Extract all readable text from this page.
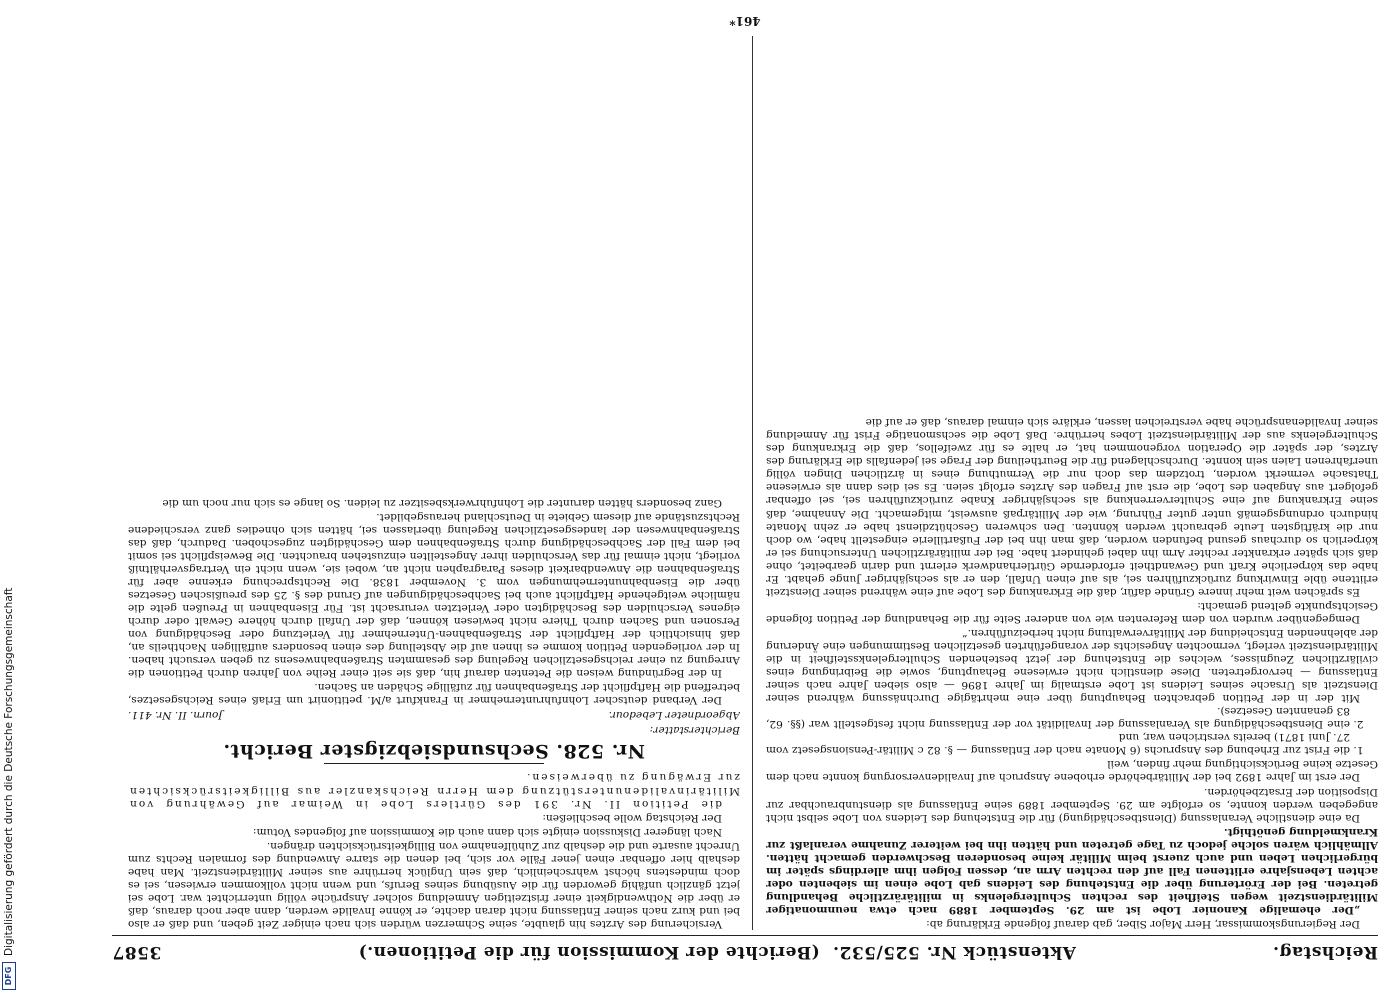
DFG
Digitalisierung gefördert durch die Deutsche Forschungsgemeinschaft	Reichstag.
Aktenstück Nr. 525/532.  (Berichte der Kommission für die Petitionen.)
3587

Der Regierungskommissar, Herr Major Siber, gab darauf folgende Erklärung ab:

„Der ehemalige Kanonier Lobe ist am 29. September 1889 nach etwa neunmonatiger Militärdienstzeit wegen Steifheit des rechten Schultergelenks in militärärztliche Behandlung getreten. Bei der Erörterung über die Entstehung des Leidens gab Lobe einen im siebenten oder achten Lebensjahre erlittenen Fall auf den rechten Arm an, dessen Folgen ihm allerdings später im bürgerlichen Leben und auch zuerst beim Militär keine besonderen Beschwerden gemacht hätten. Allmählich wären solche jedoch zu Tage getreten und hätten ihn bei weiterer Zunahme veranlaßt zur Krankmeldung genöthigt.

Da eine dienstliche Veranlassung (Dienstbeschädigung) für die Entstehung des Leidens von Lobe selbst nicht angegeben werden konnte, so erfolgte am 29. September 1889 seine Entlassung als dienstunbrauchbar zur Disposition der Ersatzbehörden.

Der erst im Jahre 1892 bei der Militärbehörde erhobene Anspruch auf Invalidenversorgung konnte nach dem Gesetze keine Berücksichtigung mehr finden, weil

1. die Frist zur Erhebung des Anspruchs (6 Monate nach der Entlassung — §. 82 c Militär-Pensionsgesetz vom 27. Juni 1871) bereits verstrichen war, und
2. eine Dienstbeschädigung als Veranlassung der Invalidität vor der Entlassung nicht festgestellt war (§§. 62, 83 genannten Gesetzes).

Mit der in der Petition gebrachten Behauptung über eine mehrtägige Durchnässung während seiner Dienstzeit als Ursache seines Leidens ist Lobe erstmalig im Jahre 1896 — also sieben Jahre nach seiner Entlassung — hervorgetreten. Diese dienstlich nicht erwiesene Behauptung, sowie die Beibringung eines civilärztlichen Zeugnisses, welches die Entstehung der jetzt bestehenden Schultergelenkssteifheit in die Militärdienstzeit verlegt, vermochten Angesichts der vorangeführten gesetzlichen Bestimmungen eine Änderung der ablehnenden Entscheidung der Militärverwaltung nicht herbeizuführen.“

Demgegenüber wurden von dem Referenten wie von anderer Seite für die Behandlung der Petition folgende Gesichtspunkte geltend gemacht:

Es sprächen weit mehr innere Gründe dafür, daß die Erkrankung des Lobe auf eine während seiner Dienstzeit erlittene üble Einwirkung zurückzuführen sei, als auf einen Unfall, den er als sechsjähriger Junge gehabt. Er habe das körperliche Kraft und Gewandtheit erfordernde Gürtlerhandwerk erlernt und darin gearbeitet, ohne daß sich später erkrankter rechter Arm ihn dabei gehindert habe. Bei der militärärztlichen Untersuchung sei er körperlich so durchaus gesund befunden worden, daß man ihn bei der Fußartillerie eingestellt habe, wo doch nur die kräftigsten Leute gebraucht werden könnten. Den schweren Geschützdienst habe er zehn Monate hindurch ordnungsgemäß unter guter Führung, wie der Militärpaß ausweist, mitgemacht. Die Annahme, daß seine Erkrankung auf eine Schulterverrenkung als sechsjähriger Knabe zurückzuführen sei, sei offenbar gefolgert aus Angaben des Lobe, die erst auf Fragen des Arztes erfolgt seien. Es sei dies dann als erwiesene Thatsache vermerkt worden, trotzdem das doch nur die Vermuthung eines in ärztlichen Dingen völlig unerfahrenen Laien sein konnte. Durchschlagend für die Beurtheilung der Frage sei jedenfalls die Erklärung des Arztes, der später die Operation vorgenommen hat, er halte es für zweifellos, daß die Erkrankung des Schultergelenks aus der Militärdienstzeit Lobes herrühre. Daß Lobe die sechsmonatige Frist für Anmeldung seiner Invalidenansprüche habe verstreichen lassen, erkläre sich einmal daraus, daß er auf die

Versicherung des Arztes hin glaubte, seine Schmerzen würden sich nach einiger Zeit geben, und daß er also bei und kurz nach seiner Entlassung nicht daran dachte, er könne Invalide werden, dann aber noch daraus, daß er über die Nothwendigkeit einer fristzeitigen Anmeldung solcher Ansprüche völlig unterrichtet war. Lobe sei jetzt gänzlich unfähig geworden für die Ausübung seines Berufs, und wenn nicht vollkommen erwiesen, sei es doch mindestens höchst wahrscheinlich, daß sein Unglück herrühre aus seiner Militärdienstzeit. Man habe deshalb hier offenbar einen jener Fälle vor sich, bei denen die starre Anwendung des formalen Rechts zum Unrecht ausarte und die deshalb zur Zuhülfenahme von Billigkeitsrücksichten drängen.

Nach längerer Diskussion einigte sich dann auch die Kommission auf folgendes Votum:

Der Reichstag wolle beschließen:

die Petition II. Nr. 391 des Gürtlers Lobe in Weimar auf Gewährung von Militärinvalidenunterstützung dem Herrn Reichskanzler aus Billigkeitsrücksichten zur Erwägung zu überweisen.

Nr. 528. Sechsundsiebzigster Bericht.
Berichterstatter:
Abgeordneter Lebedour.
Journ. II. Nr. 411.

Der Verband deutscher Lohnfuhrunternehmer in Frankfurt a/M. petitionirt um Erlaß eines Reichsgesetzes, betreffend die Haftpflicht der Straßenbahnen für zufällige Schäden an Sachen.

In der Begründung weisen die Petenten darauf hin, daß sie seit einer Reihe von Jahren durch Petitionen die Anregung zu einer reichsgesetzlichen Regelung des gesammten Straßenbahnwesens zu geben versucht haben. In der vorliegenden Petition komme es ihnen auf die Abstellung des einen besonders auffälligen Nachtheils an, daß hinsichtlich der Haftpflicht der Straßenbahnen-Unternehmer für Verletzung oder Beschädigung von Personen und Sachen durch Thiere nicht bewiesen können, daß der Unfall durch höhere Gewalt oder durch eigenes Verschulden des Beschädigten oder Verletzten verursacht ist. Für Eisenbahnen in Preußen gelte die nämliche weitgehende Haftpflicht auch bei Sachbeschädigungen auf Grund des §. 25 des preußischen Gesetzes über die Eisenbahnunternehmungen vom 3. November 1838. Die Rechtsprechung erkenne aber für Straßenbahnen die Anwendbarkeit dieses Paragraphen nicht an, wobei sie, wenn nicht ein Vertragsverhältniß vorliegt, nicht einmal für das Verschulden ihrer Angestellten einzustehen brauchten. Die Beweispflicht sei somit bei dem Fall der Sachbeschädigung durch Straßenbahnen dem Geschädigten zugeschoben. Dadurch, daß das Straßenbahnwesen der landesgesetzlichen Regelung überlassen sei, hätten sich ohnedies ganz verschiedene Rechtszustände auf diesem Gebiete in Deutschland herausgebildet.

Ganz besonders hätten darunter die Lohnfuhrwerksbesitzer zu leiden. So lange es sich nur noch um die

461*
